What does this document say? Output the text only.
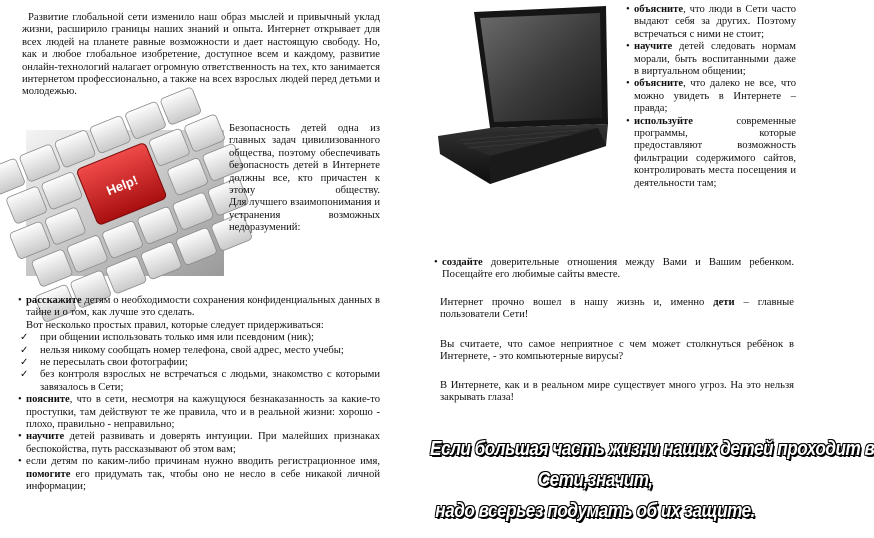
Развитие глобальной сети изменило наш образ мыслей и привычный уклад жизни, расширило границы наших знаний и опыта. Интернет открывает для всех людей на планете равные возможности и дает настоящую свободу. Но, как и любое глобальное изобретение, доступное всем и каждому, развитие онлайн-технологий налагает огромную ответственность на тех, кто занимается интернетом профессионально, а также на всех взрослых людей перед детьми и молодежью.
Help!

Безопасность детей одна из главных задач цивилизованного общества, поэтому обеспечивать безопасность детей в Интернете должны все, кто причастен к этому обществу.

Для лучшего взаимопонимания и устранения возможных недоразумений:

• расскажите детям о необходимости сохранения конфиденциальных данных в тайне и о том, как лучше это сделать.

Вот несколько простых правил, которые следует придерживаться:

✓ при общении использовать только имя или псевдоним (ник);

✓ нельзя никому сообщать номер телефона, свой адрес, место учебы;

✓ не пересылать свои фотографии;

✓ без контроля взрослых не встречаться с людьми, знакомство с которыми завязалось в Сети;

• поясните, что в сети, несмотря на кажущуюся безнаказанность за какие-то проступки, там действуют те же правила, что и в реальной жизни: хорошо - плохо, правильно - неправильно;

• научите детей развивать и доверять интуиции. При малейших признаках беспокойства, путь рассказывают об этом вам;

• если детям по каким-либо причинам нужно вводить регистрационное имя, помогите его придумать так, чтобы оно не несло в себе никакой личной информации;

• объясните, что люди в Сети часто выдают себя за других. Поэтому встречаться с ними не стоит;

• научите детей следовать нормам морали, быть воспитанными даже в виртуальном общении;

• объясните, что далеко не все, что можно увидеть в Интернете – правда;

• используйте современные программы, которые предоставляют возможность фильтрации содержимого сайтов, контролировать места посещения и деятельности там;

• создайте доверительные отношения между Вами и Вашим ребенком. Посещайте его любимые сайты вместе.

Интернет прочно вошел в нашу жизнь и, именно дети – главные пользователи Сети!

Вы считаете, что самое неприятное с чем может столкнуться ребёнок в Интернете, - это компьютерные вирусы?

В Интернете, как и в реальном мире существует много угроз. На это нельзя закрывать глаза!

Если большая часть жизни наших детей проходит в
Сети,значит,
надо всерьез подумать об их защите.
